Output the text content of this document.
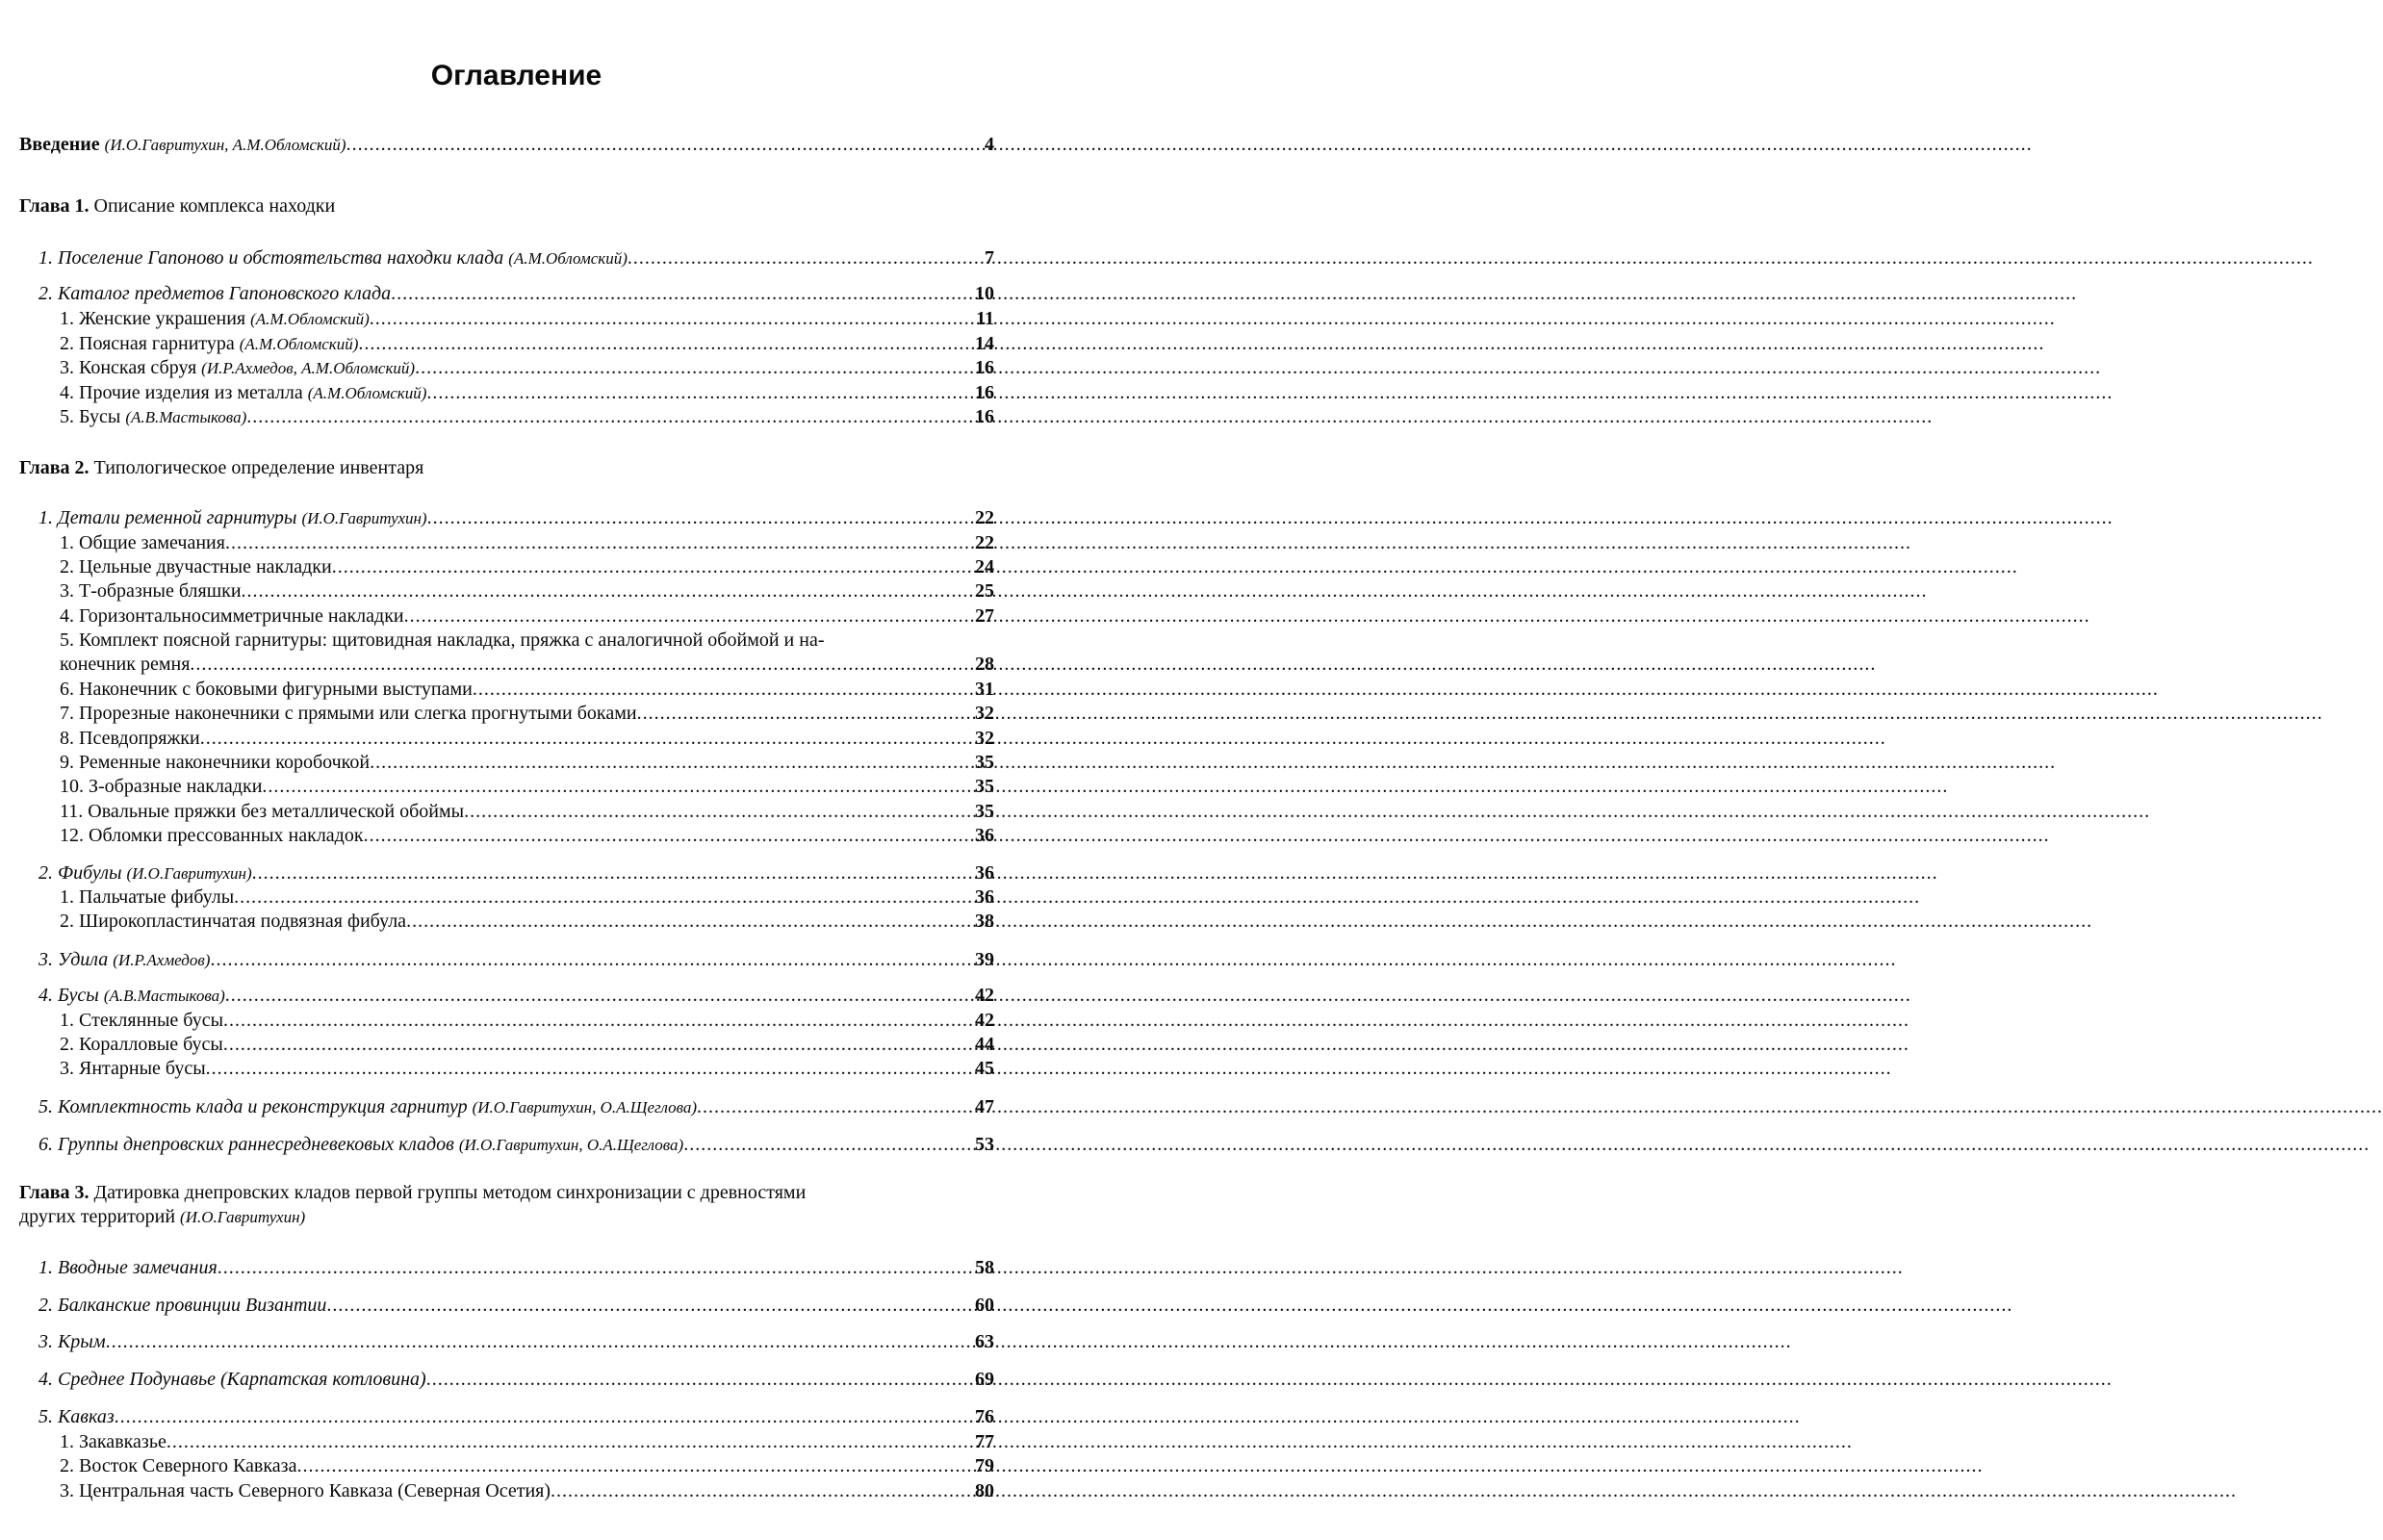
Оглавление
Введение (И.О.Гавритухин, А.М.Обломский) .....	4
Глава 1. Описание комплекса находки
1. Поселение Гапоново и обстоятельства находки клада (А.М.Обломский) .....	7
2. Каталог предметов Гапоновского клада .....	10
1. Женские украшения (А.М.Обломский) .....	11
2. Поясная гарнитура (А.М.Обломский) .....	14
3. Конская сбруя (И.Р.Ахмедов, А.М.Обломский) .....	16
4. Прочие изделия из металла (А.М.Обломский) .....	16
5. Бусы (А.В.Мастыкова) .....	16
Глава 2. Типологическое определение инвентаря
1. Детали ременной гарнитуры (И.О.Гавритухин) .....	22
1. Общие замечания .....	22
2. Цельные двучастные накладки .....	24
3. Т-образные бляшки .....	25
4. Горизонтальносимметричные накладки .....	27
5. Комплект поясной гарнитуры: щитовидная накладка, пряжка с аналогичной обоймой и на-
конечник ремня .....	28
6. Наконечник с боковыми фигурными выступами .....	31
7. Прорезные наконечники с прямыми или слегка прогнутыми боками .....	32
8. Псевдопряжки .....	32
9. Ременные наконечники коробочкой .....	35
10. З-образные накладки .....	35
11. Овальные пряжки без металлической обоймы .....	35
12. Обломки прессованных накладок .....	36
2. Фибулы (И.О.Гавритухин) .....	36
1. Пальчатые фибулы .....	36
2. Широкопластинчатая подвязная фибула .....	38
3. Удила (И.Р.Ахмедов) .....	39
4. Бусы (А.В.Мастыкова) .....	42
1. Стеклянные бусы .....	42
2. Коралловые бусы .....	44
3. Янтарные бусы .....	45
5. Комплектность клада и реконструкция гарнитур (И.О.Гавритухин, О.А.Щеглова) .....	47
6. Группы днепровских раннесредневековых кладов (И.О.Гавритухин, О.А.Щеглова) .....	53
Глава 3. Датировка днепровских кладов первой группы методом синхронизации с древностями
других территорий (И.О.Гавритухин)
1. Вводные замечания .....	58
2. Балканские провинции Византии .....	60
3. Крым .....	63
4. Среднее Подунавье (Карпатская котловина) .....	69
5. Кавказ .....	76
1. Закавказье .....	77
2. Восток Северного Кавказа .....	79
3. Центральная часть Северного Кавказа (Северная Осетия) .....	80
